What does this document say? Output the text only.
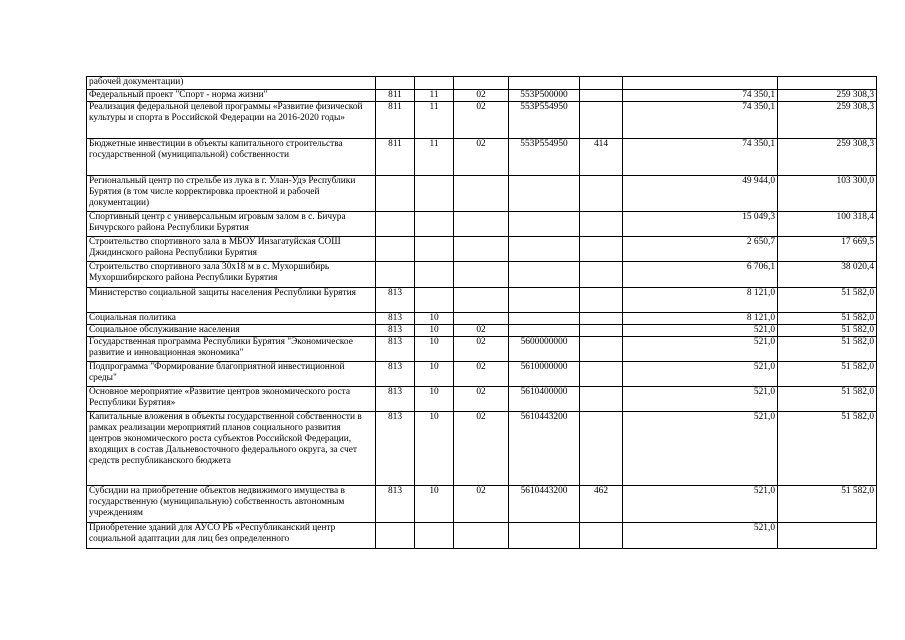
рабочей документации)							
Федеральный проект "Спорт - норма жизни"	811	11	02	553P500000		74 350,1	259 308,3
Реализация федеральной целевой программы «Развитие физической культуры и спорта в Российской Федерации на 2016-2020 годы»	811	11	02	553P554950		74 350,1	259 308,3
Бюджетные инвестиции в объекты капитального строительства государственной (муниципальной) собственности	811	11	02	553P554950	414	74 350,1	259 308,3
Региональный центр по стрельбе из лука в г. Улан-Удэ Республики Бурятия (в том числе корректировка проектной и рабочей документации)						49 944,0	103 300,0
Спортивный центр с универсальным игровым залом в с. Бичура Бичурского района Республики Бурятия						15 049,3	100 318,4
Строительство спортивного зала в МБОУ Инзагатуйская СОШ Джидинского района Республики Бурятия						2 650,7	17 669,5
Строительство спортивного зала 30х18 м в с. Мухоршибирь Мухоршибирского района Республики Бурятия						6 706,1	38 020,4
Министерство социальной защиты населения Республики Бурятия	813					8 121,0	51 582,0
Социальная политика	813	10				8 121,0	51 582,0
Социальное обслуживание населения	813	10	02			521,0	51 582,0
Государственная программа Республики Бурятия "Экономическое развитие и инновационная экономика"	813	10	02	5600000000		521,0	51 582,0
Подпрограмма "Формирование благоприятной инвестиционной среды"	813	10	02	5610000000		521,0	51 582,0
Основное мероприятие «Развитие центров экономического роста Республики Бурятия»	813	10	02	5610400000		521,0	51 582,0
Капитальные вложения в объекты государственной собственности в рамках реализации мероприятий планов социального развития центров экономического роста субъектов Российской Федерации, входящих в состав Дальневосточного федерального округа, за счет средств республиканского бюджета	813	10	02	5610443200		521,0	51 582,0
Субсидии на приобретение объектов недвижимого имущества в государственную (муниципальную) собственность автономным учреждениям	813	10	02	5610443200	462	521,0	51 582,0
Приобретение зданий для АУСО РБ «Республиканский центр социальной адаптации для лиц без определенного						521,0	
